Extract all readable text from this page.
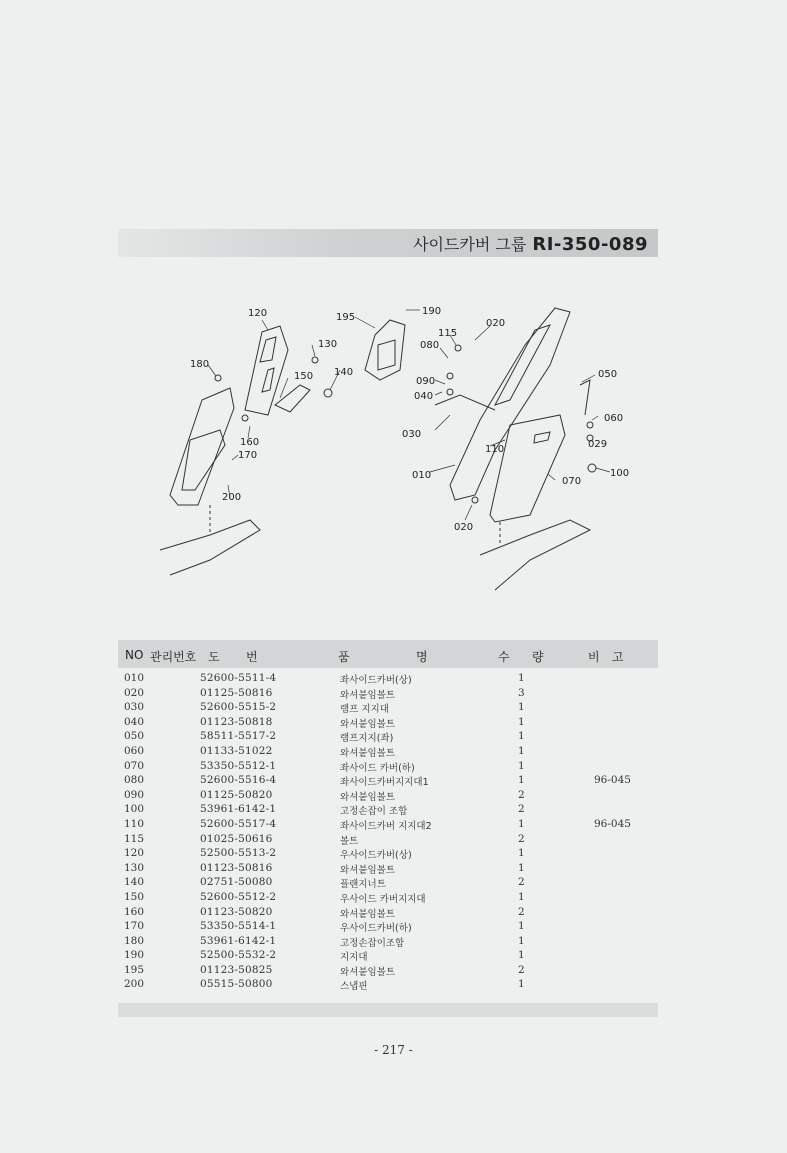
사이드카버 그룹 RI-350-089
120	195
190
130
180
150 140
115
020
080
090
040
030
050
060
029
110
160
170
200
010
070
100
020
NO 관리번호 도 번	품	명	수 량	비 고
010	52600-5511-4	좌사이드카버(상)	1
020	01125-50816	와셔붙임볼트	3
030	52600-5515-2	램프 지지대	1
040	01123-50818	와셔붙임볼트	1
050	58511-5517-2	램프지지(좌)	1
060	01133-51022	와셔붙임볼트	1
070	53350-5512-1	좌사이드 카버(하)	1
080	52600-5516-4	좌사이드카버지지대1	1	96-045
090	01125-50820	와셔붙임볼트	2
100	53961-6142-1	고정손잡이 조합	2
110	52600-5517-4	좌사이드카버 지지대2	1	96-045
115	01025-50616	볼트	2
120	52500-5513-2	우사이드카버(상)	1
130	01123-50816	와셔붙임볼트	1
140	02751-50080	플랜지너트	2
150	52600-5512-2	우사이드 카버지지대	1
160	01123-50820	와셔붙임볼트	2
170	53350-5514-1	우사이드카버(하)	1
180	53961-6142-1	고정손잡이조합	1
190	52500-5532-2	지지대	1
195	01123-50825	와셔붙임볼트	2
200	05515-50800	스냅핀	1
- 217 -
